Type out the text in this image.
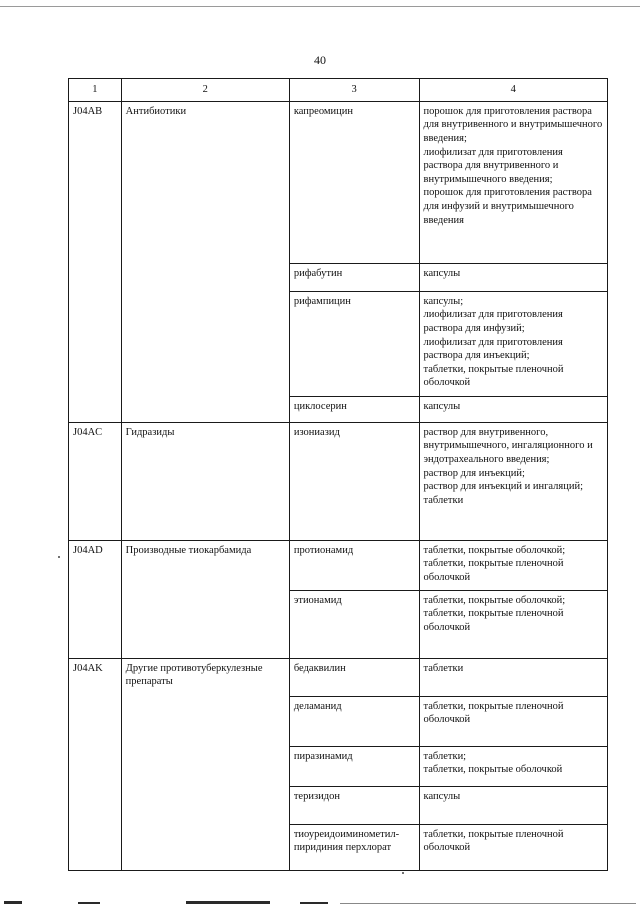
40
1	2	3	4
J04AB	Антибиотики	капреомицин	порошок для приготовления раствора для внутривенного и внутримышечного введения;
лиофилизат для приготовления раствора для внутривенного и внутримышечного введения;
порошок для приготовления раствора для инфузий и внутримышечного введения
		рифабутин	капсулы
		рифампицин	капсулы;
лиофилизат для приготовления раствора для инфузий;
лиофилизат для приготовления раствора для инъекций;
таблетки, покрытые пленочной оболочкой
		циклосерин	капсулы
J04AC	Гидразиды	изониазид	раствор для внутривенного, внутримышечного, ингаляционного и эндотрахеального введения;
раствор для инъекций;
раствор для инъекций и ингаляций;
таблетки
J04AD	Производные тиокарбамида	протионамид	таблетки, покрытые оболочкой;
таблетки, покрытые пленочной оболочкой
		этионамид	таблетки, покрытые оболочкой;
таблетки, покрытые пленочной оболочкой
J04AK	Другие противотуберкулезные препараты	бедаквилин	таблетки
		деламанид	таблетки, покрытые пленочной оболочкой
		пиразинамид	таблетки;
таблетки, покрытые оболочкой
		теризидон	капсулы
		тиоуреидоиминометил-пиридиния перхлорат	таблетки, покрытые пленочной оболочкой
